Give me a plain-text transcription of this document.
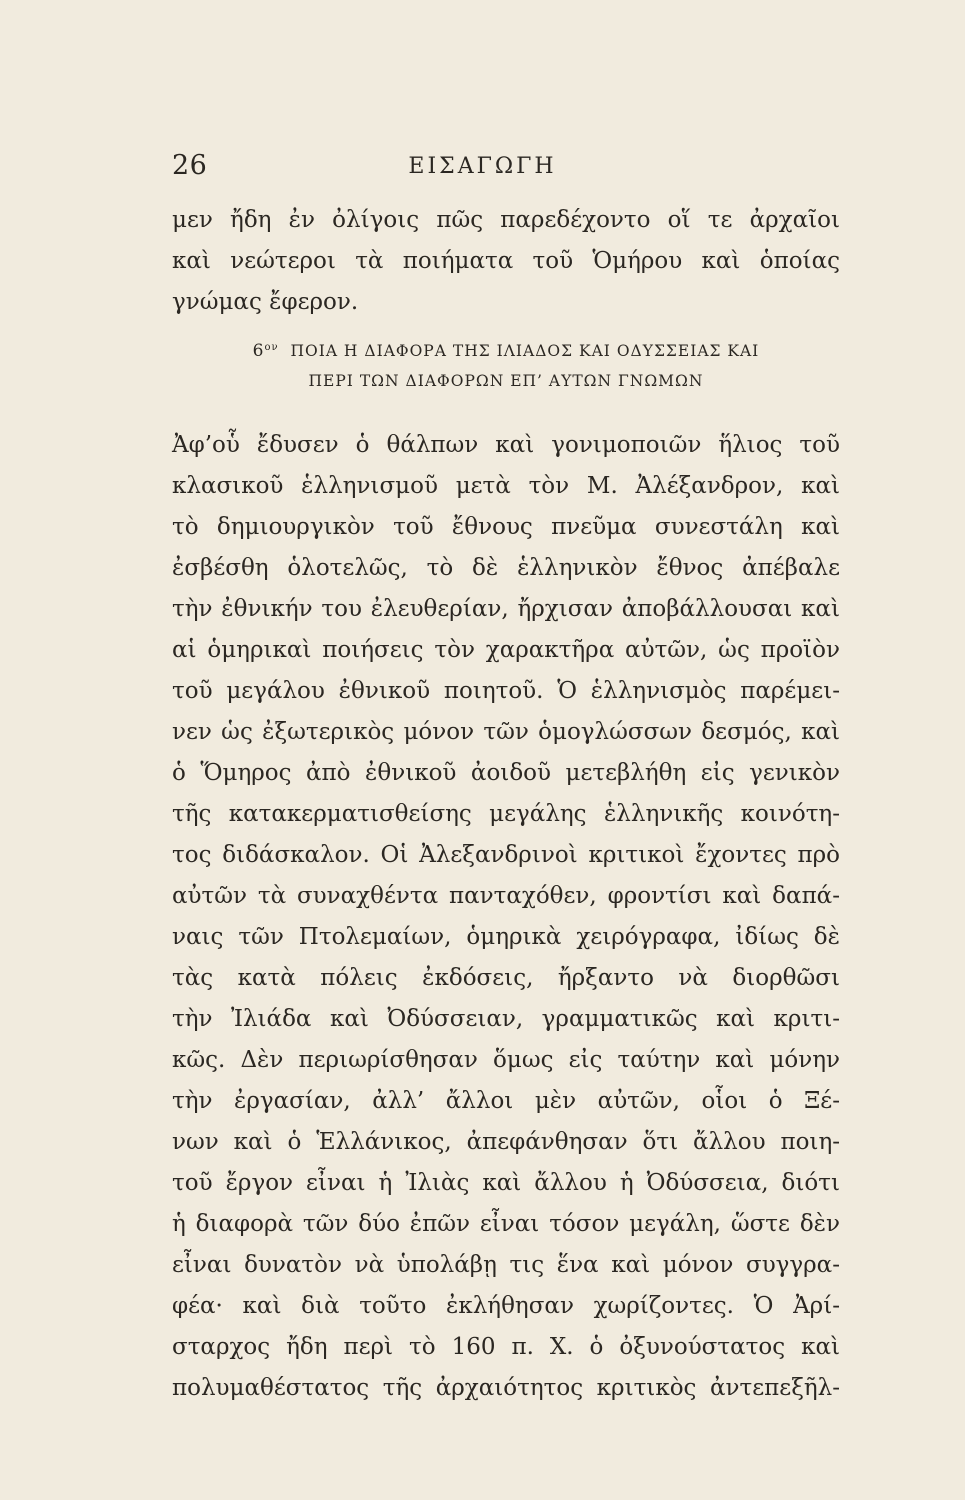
26	ΕΙΣΑΓΩΓΗ
μεν ἤδη ἐν ὀλίγοις πῶς παρεδέχοντο οἵ τε ἀρχαῖοι
καὶ νεώτεροι τὰ ποιήματα τοῦ Ὁμήρου καὶ ὁποίας
γνώμας ἔφερον.
$6^{o\nu}$ ΠΟΙΑ Η ΔΙΑΦΟΡΑ ΤΗΣ ΙΛΙΑΔΟΣ ΚΑΙ ΟΔΥΣΣΕΙΑΣ ΚΑΙ
ΠΕΡΙ ΤΩΝ ΔΙΑΦΟΡΩΝ ΕΠ’ ΑΥΤΩΝ ΓΝΩΜΩΝ
Ἀφ’οὗ ἔδυσεν ὁ θάλπων καὶ γονιμοποιῶν ἥλιος τοῦ
κλασικοῦ ἑλληνισμοῦ μετὰ τὸν Μ. Ἀλέξανδρον, καὶ
τὸ δημιουργικὸν τοῦ ἔθνους πνεῦμα συνεστάλη καὶ
ἐσβέσθη ὁλοτελῶς, τὸ δὲ ἑλληνικὸν ἔθνος ἀπέβαλε
τὴν ἐθνικήν του ἐλευθερίαν, ἤρχισαν ἀποβάλλουσαι καὶ
αἱ ὁμηρικαὶ ποιήσεις τὸν χαρακτῆρα αὐτῶν, ὡς προϊὸν
τοῦ μεγάλου ἐθνικοῦ ποιητοῦ. Ὁ ἑλληνισμὸς παρέμει-
νεν ὡς ἐξωτερικὸς μόνον τῶν ὁμογλώσσων δεσμός, καὶ
ὁ Ὅμηρος ἀπὸ ἐθνικοῦ ἀοιδοῦ μετεβλήθη εἰς γενικὸν
τῆς κατακερματισθείσης μεγάλης ἑλληνικῆς κοινότη-
τος διδάσκαλον. Οἱ Ἀλεξανδρινοὶ κριτικοὶ ἔχοντες πρὸ
αὐτῶν τὰ συναχθέντα πανταχόθεν, φροντίσι καὶ δαπά-
ναις τῶν Πτολεμαίων, ὁμηρικὰ χειρόγραφα, ἰδίως δὲ
τὰς κατὰ πόλεις ἐκδόσεις, ἤρξαντο νὰ διορθῶσι
τὴν Ἰλιάδα καὶ Ὀδύσσειαν, γραμματικῶς καὶ κριτι-
κῶς. Δὲν περιωρίσθησαν ὅμως εἰς ταύτην καὶ μόνην
τὴν ἐργασίαν, ἀλλ’ ἄλλοι μὲν αὐτῶν, οἷοι ὁ Ξέ-
νων καὶ ὁ Ἑλλάνικος, ἀπεφάνθησαν ὅτι ἄλλου ποιη-
τοῦ ἔργον εἶναι ἡ Ἰλιὰς καὶ ἄλλου ἡ Ὀδύσσεια, διότι
ἡ διαφορὰ τῶν δύο ἐπῶν εἶναι τόσον μεγάλη, ὥστε δὲν
εἶναι δυνατὸν νὰ ὑπολάβῃ τις ἕνα καὶ μόνον συγγρα-
φέα· καὶ διὰ τοῦτο ἐκλήθησαν χωρίζοντες. Ὁ Ἀρί-
σταρχος ἤδη περὶ τὸ 160 π. Χ. ὁ ὀξυνούστατος καὶ
πολυμαθέστατος τῆς ἀρχαιότητος κριτικὸς ἀντεπεξῆλ-
